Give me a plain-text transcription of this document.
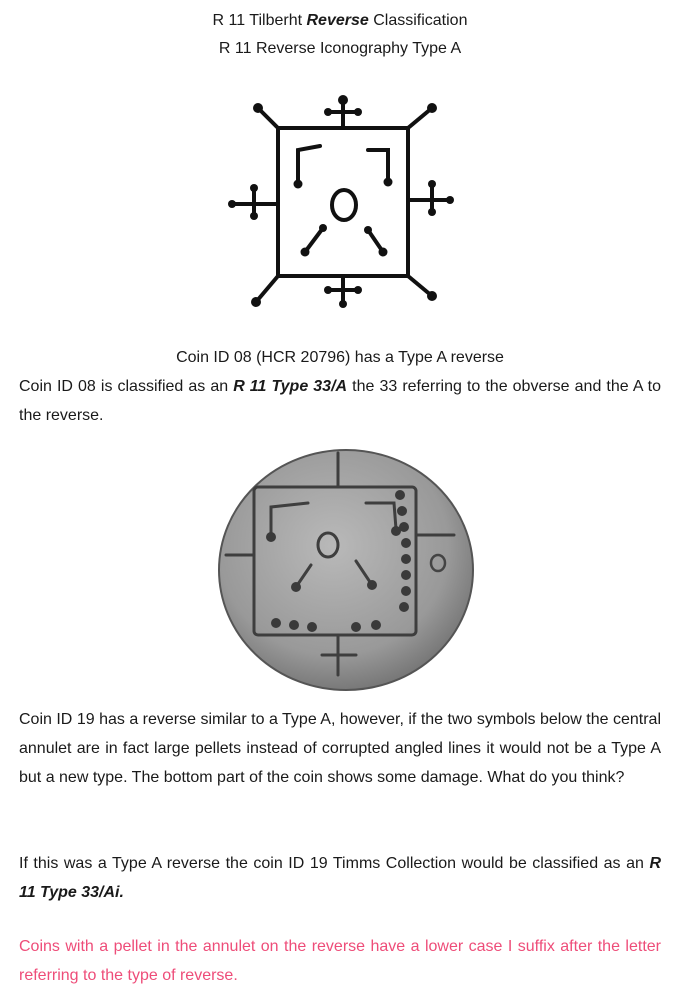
R 11 Tilberht Reverse Classification
R 11 Reverse Iconography Type A
Coin ID 08 (HCR 20796) has a Type A reverse
Coin ID 08 is classified as an R 11 Type 33/A the 33 referring to the obverse and the A to the reverse.
Coin ID 19 has a reverse similar to a Type A, however, if the two symbols below the central annulet are in fact large pellets instead of corrupted angled lines it would not be a Type A but a new type. The bottom part of the coin shows some damage. What do you think?
If this was a Type A reverse the coin ID 19 Timms Collection would be classified as an R 11 Type 33/Ai.
Coins with a pellet in the annulet on the reverse have a lower case I suffix after the letter referring to the type of reverse.
